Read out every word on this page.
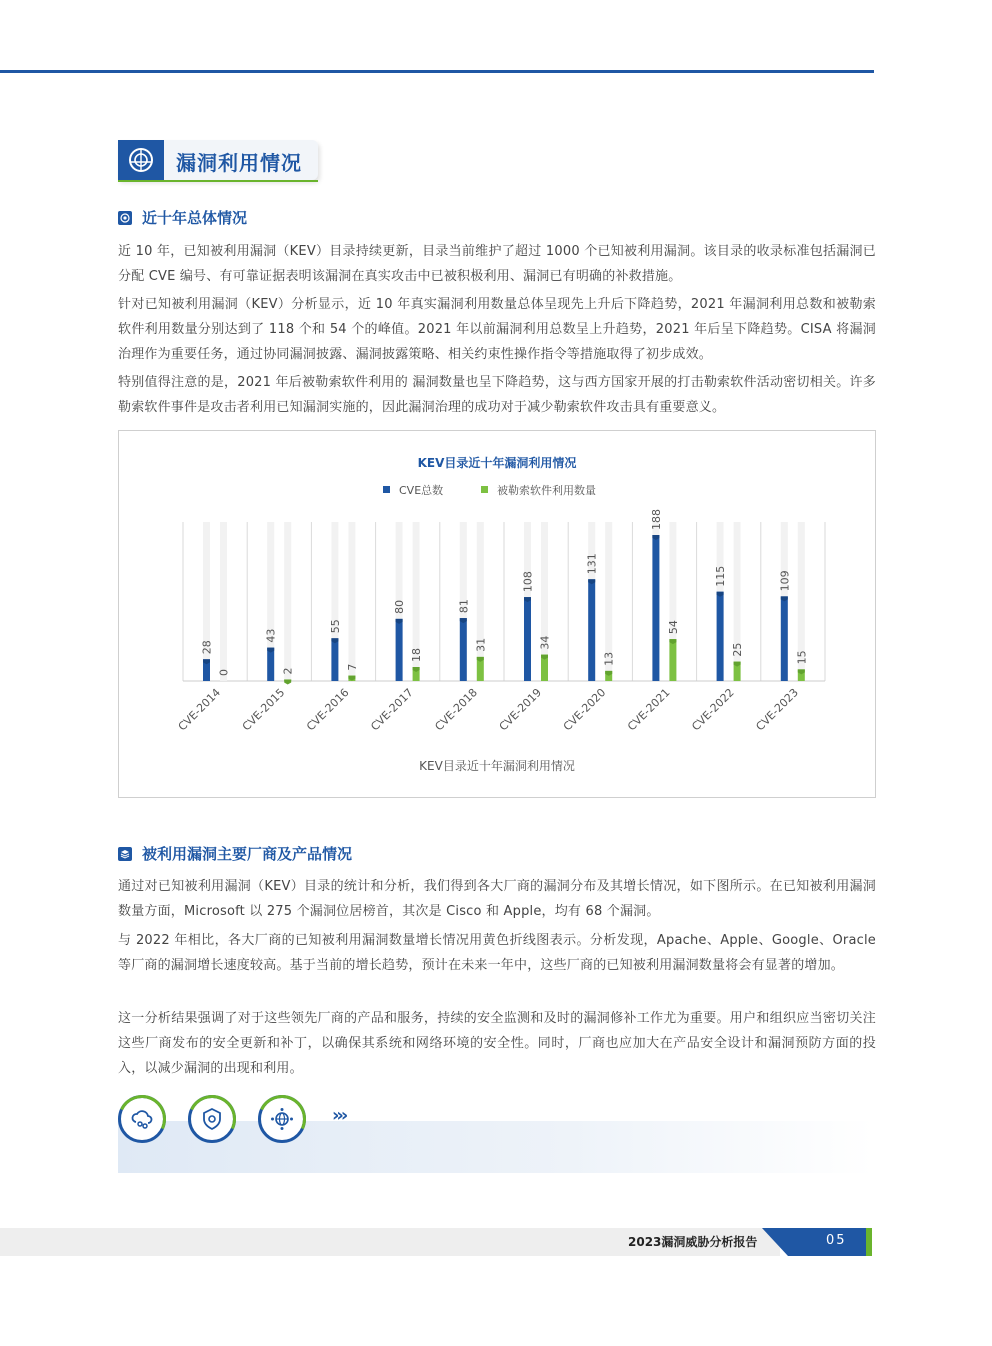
漏洞利用情况
近十年总体情况

近 10 年，已知被利用漏洞（KEV）目录持续更新，目录当前维护了超过 1000 个已知被利用漏洞。该目录的收录标准包括漏洞已分配 CVE 编号、有可靠证据表明该漏洞在真实攻击中已被积极利用、漏洞已有明确的补救措施。

针对已知被利用漏洞（KEV）分析显示，近 10 年真实漏洞利用数量总体呈现先上升后下降趋势，2021 年漏洞利用总数和被勒索软件利用数量分别达到了 118 个和 54 个的峰值。2021 年以前漏洞利用总数呈上升趋势，2021 年后呈下降趋势。CISA 将漏洞治理作为重要任务，通过协同漏洞披露、漏洞披露策略、相关约束性操作指令等措施取得了初步成效。

特别值得注意的是，2021 年后被勒索软件利用的 漏洞数量也呈下降趋势，这与西方国家开展的打击勒索软件活动密切相关。许多勒索软件事件是攻击者利用已知漏洞实施的，因此漏洞治理的成功对于减少勒索软件攻击具有重要意义。

KEV目录近十年漏洞利用情况
CVE总数	被勒索软件利用数量
28
0
CVE-2014
43
2
CVE-2015
55
7
CVE-2016
80
18
CVE-2017
81
31
CVE-2018
108
34
CVE-2019
131
13
CVE-2020
188
54
CVE-2021
115
25
CVE-2022
109
15
CVE-2023
KEV目录近十年漏洞利用情况
被利用漏洞主要厂商及产品情况

通过对已知被利用漏洞（KEV）目录的统计和分析，我们得到各大厂商的漏洞分布及其增长情况，如下图所示。在已知被利用漏洞数量方面，Microsoft 以 275 个漏洞位居榜首，其次是 Cisco 和 Apple，均有 68 个漏洞。

与 2022 年相比，各大厂商的已知被利用漏洞数量增长情况用黄色折线图表示。分析发现，Apache、Apple、Google、Oracle 等厂商的漏洞增长速度较高。基于当前的增长趋势，预计在未来一年中，这些厂商的已知被利用漏洞数量将会有显著的增加。

这一分析结果强调了对于这些领先厂商的产品和服务，持续的安全监测和及时的漏洞修补工作尤为重要。用户和组织应当密切关注这些厂商发布的安全更新和补丁，以确保其系统和网络环境的安全性。同时，厂商也应加大在产品安全设计和漏洞预防方面的投入，以减少漏洞的出现和利用。

›››
2023漏洞威胁分析报告	05
